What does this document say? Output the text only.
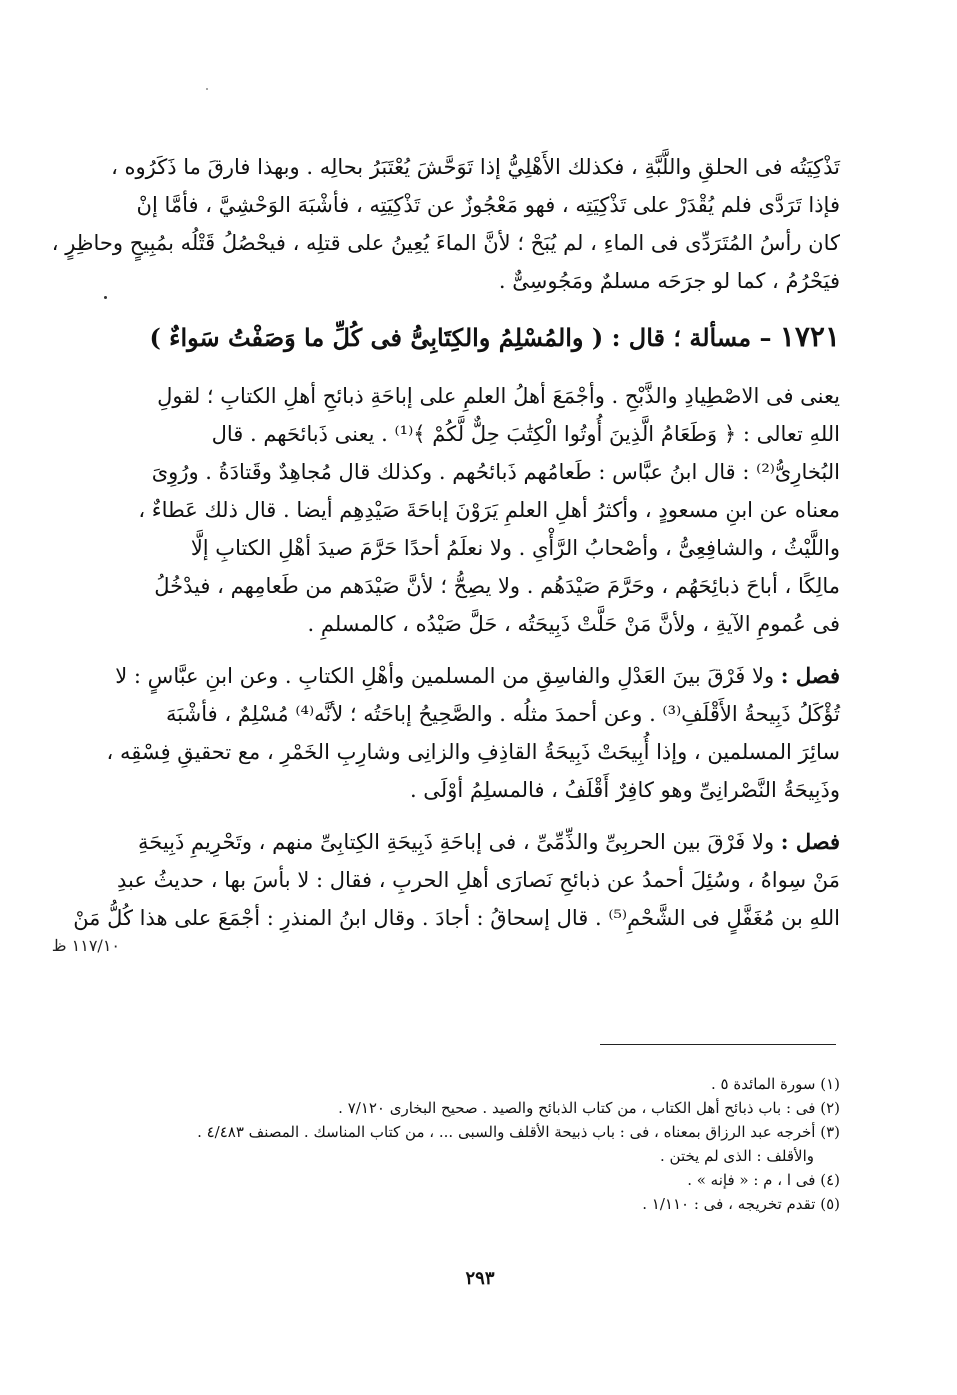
تَذْكِيَتُه فى الحلقِ واللَّبَّةِ ، فكذلك الأَهْلِيُّ إذا تَوَحَّشَ يُعْتَبَرُ بحالِه . وبهذا فارقَ ما ذَكَرُوه ،
فإذا تَرَدَّى فلم يُقْدَرْ على تَذْكِيَتِه ، فهو مَعْجُوزٌ عن تَذْكِيَتِه ، فأشْبَهَ الوَحْشِيَّ ، فأمَّا إنْ
كان رأسُ المُتَرَدِّى فى الماءِ ، لم يُبَحْ ؛ لأنَّ الماءَ يُعِينُ على قتلِه ، فيحْصُلُ قَتْلُه بمُبِيحٍ وحاظِرٍ ،
فيَحْرُمُ ، كما لو جرَحَه مسلمٌ ومَجُوسِىٌّ .
١٧٢١ – مسألة ؛ قال : ( والمُسْلِمُ والكِتَابِىُّ فى كُلِّ ما وَصَفْتُ سَواءٌ )
يعنى فى الاصْطِيادِ والذَّبْحِ . وأجْمَعَ أهلُ العلمِ على إباحَةِ ذبائحِ أهلِ الكتابِ ؛ لقولِ
اللهِ تعالى : ﴿ وَطَعَامُ الَّذِينَ أُوتُوا الْكِتَٰبَ حِلٌّ لَّكُمْ ﴾⁽¹⁾ . يعنى ذَبائحَهم . قال
البُخارِىُّ⁽²⁾ : قال ابنُ عبَّاس : طَعامُهم ذَبائحُهم . وكذلك قال مُجاهِدٌ وقَتادَةُ . ورُوِىَ
معناه عن ابنِ مسعودٍ ، وأكثرُ أهلِ العلمِ يَرَوْنَ إباحَةَ صَيْدِهِم أيضا . قال ذلك عَطاءٌ ،
واللَّيْثُ ، والشافِعِىُّ ، وأصْحابُ الرَّأْىِ . ولا نعلَمُ أحدًا حَرَّمَ صيدَ أهْلِ الكتابِ إلَّا
مالِكًا ، أباحَ ذبائِحَهُم ، وحَرَّمَ صَيْدَهُم . ولا يصِحُّ ؛ لأنَّ صَيْدَهم من طَعامِهم ، فيدْخُلُ
فى عُمومِ الآيةِ ، ولأنَّ مَنْ حَلَّتْ ذَبِيحَتُه ، حَلَّ صَيْدُه ، كالمسلمِ .
فصل : ولا فَرْقَ بينَ العَدْلِ والفاسِقِ من المسلمين وأهْلِ الكتابِ . وعن ابنِ عبَّاسٍ : لا
تُؤْكَلُ ذَبِيحةُ الأَقْلَفِ⁽³⁾ . وعن أحمدَ مثلُه . والصَّحِيحُ إباحَتُه ؛ لأنَّه⁽⁴⁾ مُسْلِمٌ ، فأشْبَهَ
سائِرَ المسلمين ، وإذا أُبِيحَتْ ذَبِيحَةُ القاذِفِ والزانِى وشارِبِ الخَمْرِ ، مع تحقيقِ فِسْقِه ،
وذَبِيحَةُ النَّصْرانِىِّ وهو كافِرٌ أَقْلَفُ ، فالمسلِمُ أوْلَى .
فصل : ولا فَرْقَ بين الحربِىِّ والذِّمِّىِّ ، فى إباحَةِ ذَبِيحَةِ الكِتابِىِّ منهم ، وتَحْرِيمِ ذَبِيحَةِ
مَنْ سِواهُ ، وسُئِلَ أحمدُ عن ذبائحِ نَصارَى أهلِ الحربِ ، فقال : لا بأسَ بها ، حديثُ عبدِ
اللهِ بن مُغَفَّلٍ فى الشَّحْمِ⁽⁵⁾ . قال إسحاقُ : أجادَ . وقال ابنُ المنذرِ : أجْمَعَ على هذا كُلُّ مَنْ
١١٧/١٠ ظ
(١) سورة المائدة ٥ .
(٢) فى : باب ذبائح أهل الكتاب ، من كتاب الذبائح والصيد . صحيح البخارى ٧/١٢٠ .
(٣) أخرجه عبد الرزاق بمعناه ، فى : باب ذبيحة الأقلف والسبى ... ، من كتاب المناسك . المصنف ٤/٤٨٣ .
والأقلف : الذى لم يختن .
(٤) فى ا ، م : « فإنه » .
(٥) تقدم تخريجه ، فى : ١/١١٠ .
٢٩٣
